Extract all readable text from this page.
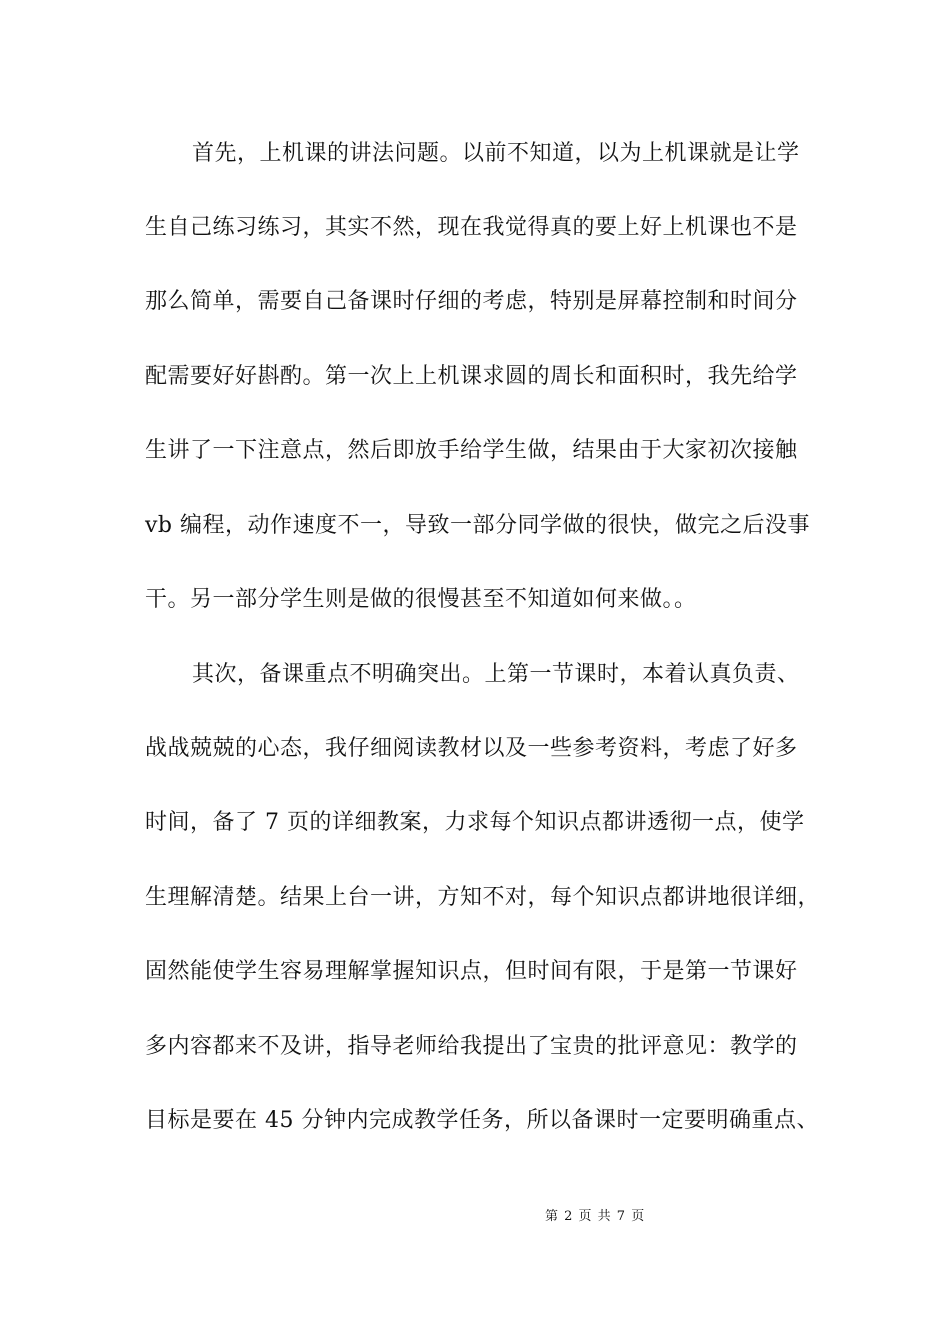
首先，上机课的讲法问题。以前不知道，以为上机课就是让学
生自己练习练习，其实不然，现在我觉得真的要上好上机课也不是
那么简单，需要自己备课时仔细的考虑，特别是屏幕控制和时间分
配需要好好斟酌。第一次上上机课求圆的周长和面积时，我先给学
生讲了一下注意点，然后即放手给学生做，结果由于大家初次接触
vb 编程，动作速度不一，导致一部分同学做的很快，做完之后没事
干。另一部分学生则是做的很慢甚至不知道如何来做。。
其次，备课重点不明确突出。上第一节课时，本着认真负责、
战战兢兢的心态，我仔细阅读教材以及一些参考资料，考虑了好多
时间，备了 7 页的详细教案，力求每个知识点都讲透彻一点，使学
生理解清楚。结果上台一讲，方知不对，每个知识点都讲地很详细，
固然能使学生容易理解掌握知识点，但时间有限，于是第一节课好
多内容都来不及讲，指导老师给我提出了宝贵的批评意见：教学的
目标是要在 45 分钟内完成教学任务，所以备课时一定要明确重点、
第 2 页 共 7 页
